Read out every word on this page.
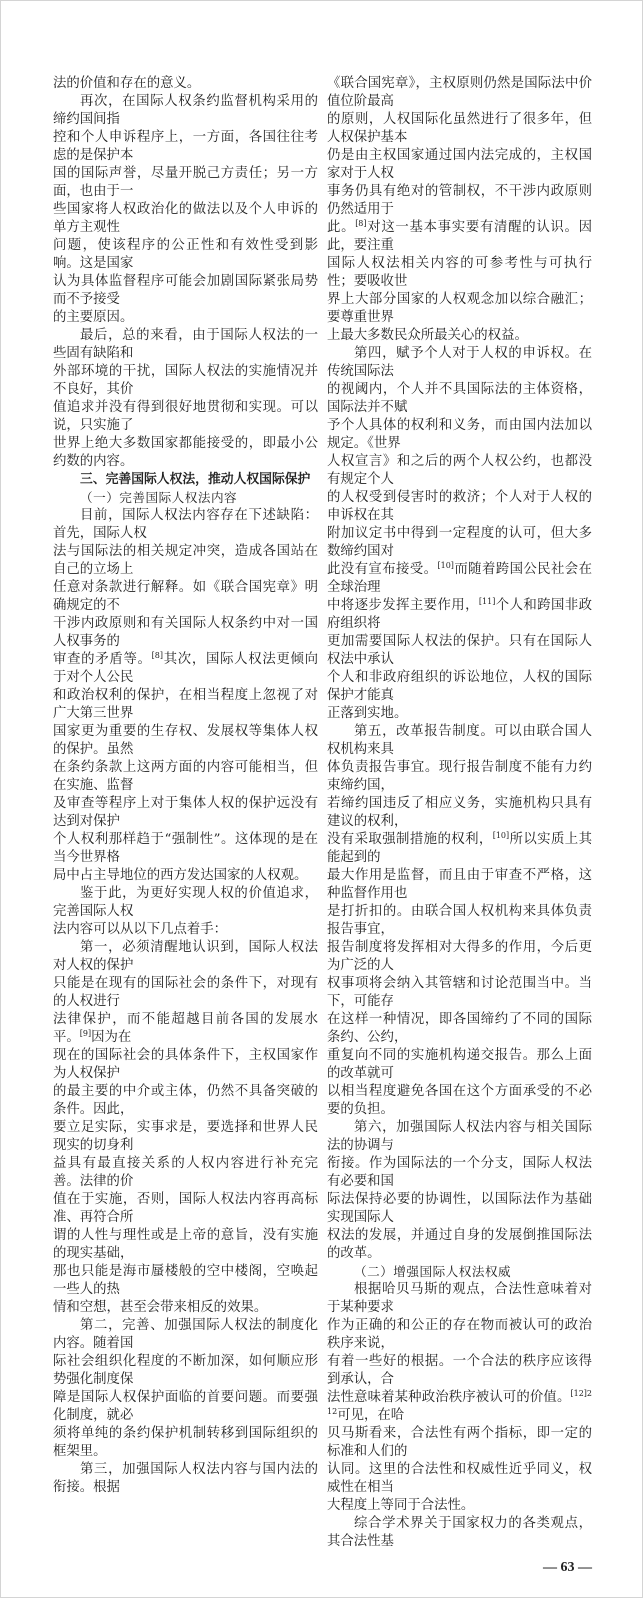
法的价值和存在的意义。
再次，在国际人权条约监督机构采用的缔约国间指
控和个人申诉程序上，一方面，各国往往考虑的是保护本
国的国际声誉，尽量开脱己方责任；另一方面，也由于一
些国家将人权政治化的做法以及个人申诉的单方主观性
问题，使该程序的公正性和有效性受到影响。这是国家
认为具体监督程序可能会加剧国际紧张局势而不予接受
的主要原因。
最后，总的来看，由于国际人权法的一些固有缺陷和
外部环境的干扰，国际人权法的实施情况并不良好，其价
值追求并没有得到很好地贯彻和实现。可以说，只实施了
世界上绝大多数国家都能接受的，即最小公约数的内容。
三、完善国际人权法，推动人权国际保护
（一）完善国际人权法内容
目前，国际人权法内容存在下述缺陷：首先，国际人权
法与国际法的相关规定冲突，造成各国站在自己的立场上
任意对条款进行解释。如《联合国宪章》明确规定的不
干涉内政原则和有关国际人权条约中对一国人权事务的
审查的矛盾等。[8]其次，国际人权法更倾向于对个人公民
和政治权利的保护，在相当程度上忽视了对广大第三世界
国家更为重要的生存权、发展权等集体人权的保护。虽然
在条约条款上这两方面的内容可能相当，但在实施、监督
及审查等程序上对于集体人权的保护远没有达到对保护
个人权利那样趋于“强制性”。这体现的是在当今世界格
局中占主导地位的西方发达国家的人权观。
鉴于此，为更好实现人权的价值追求，完善国际人权
法内容可以从以下几点着手：
第一，必须清醒地认识到，国际人权法对人权的保护
只能是在现有的国际社会的条件下，对现有的人权进行
法律保护，而不能超越目前各国的发展水平。[9]因为在
现在的国际社会的具体条件下，主权国家作为人权保护
的最主要的中介或主体，仍然不具备突破的条件。因此，
要立足实际，实事求是，要选择和世界人民现实的切身利
益具有最直接关系的人权内容进行补充完善。法律的价
值在于实施，否则，国际人权法内容再高标准、再符合所
谓的人性与理性或是上帝的意旨，没有实施的现实基础，
那也只能是海市蜃楼般的空中楼阁，空唤起一些人的热
情和空想，甚至会带来相反的效果。
第二，完善、加强国际人权法的制度化内容。随着国
际社会组织化程度的不断加深，如何顺应形势强化制度保
障是国际人权保护面临的首要问题。而要强化制度，就必
须将单纯的条约保护机制转移到国际组织的框架里。
第三，加强国际人权法内容与国内法的衔接。根据
《联合国宪章》，主权原则仍然是国际法中价值位阶最高
的原则，人权国际化虽然进行了很多年，但人权保护基本
仍是由主权国家通过国内法完成的，主权国家对于人权
事务仍具有绝对的管制权，不干涉内政原则仍然适用于
此。[8]对这一基本事实要有清醒的认识。因此，要注重
国际人权法相关内容的可参考性与可执行性；要吸收世
界上大部分国家的人权观念加以综合融汇；要尊重世界
上最大多数民众所最关心的权益。
第四，赋予个人对于人权的申诉权。在传统国际法
的视阈内，个人并不具国际法的主体资格，国际法并不赋
予个人具体的权利和义务，而由国内法加以规定。《世界
人权宣言》和之后的两个人权公约，也都没有规定个人
的人权受到侵害时的救济；个人对于人权的申诉权在其
附加议定书中得到一定程度的认可，但大多数缔约国对
此没有宣布接受。[10]而随着跨国公民社会在全球治理
中将逐步发挥主要作用，[11]个人和跨国非政府组织将
更加需要国际人权法的保护。只有在国际人权法中承认
个人和非政府组织的诉讼地位，人权的国际保护才能真
正落到实地。
第五，改革报告制度。可以由联合国人权机构来具
体负责报告事宜。现行报告制度不能有力约束缔约国，
若缔约国违反了相应义务，实施机构只具有建议的权利，
没有采取强制措施的权利，[10]所以实质上其能起到的
最大作用是监督，而且由于审查不严格，这种监督作用也
是打折扣的。由联合国人权机构来具体负责报告事宜，
报告制度将发挥相对大得多的作用，今后更为广泛的人
权事项将会纳入其管辖和讨论范围当中。当下，可能存
在这样一种情况，即各国缔约了不同的国际条约、公约，
重复向不同的实施机构递交报告。那么上面的改革就可
以相当程度避免各国在这个方面承受的不必要的负担。
第六，加强国际人权法内容与相关国际法的协调与
衔接。作为国际法的一个分支，国际人权法有必要和国
际法保持必要的协调性，以国际法作为基础实现国际人
权法的发展，并通过自身的发展倒推国际法的改革。
（二）增强国际人权法权威
根据哈贝马斯的观点，合法性意味着对于某种要求
作为正确的和公正的存在物而被认可的政治秩序来说，
有着一些好的根据。一个合法的秩序应该得到承认，合
法性意味着某种政治秩序被认可的价值。$^{[12]212}$可见，在哈
贝马斯看来，合法性有两个指标，即一定的标准和人们的
认同。这里的合法性和权威性近乎同义，权威性在相当
大程度上等同于合法性。
综合学术界关于国家权力的各类观点，其合法性基
— 63 —
